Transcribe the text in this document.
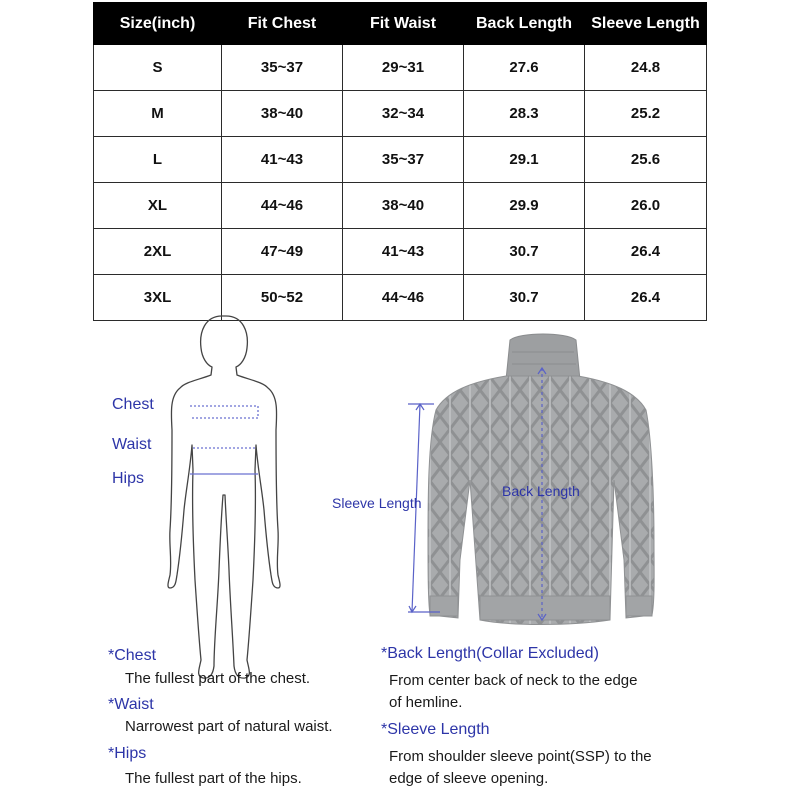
Size(inch)	Fit Chest	Fit Waist	Back Length	Sleeve Length
S	35~37	29~31	27.6	24.8
M	38~40	32~34	28.3	25.2
L	41~43	35~37	29.1	25.6
XL	44~46	38~40	29.9	26.0
2XL	47~49	41~43	30.7	26.4
3XL	50~52	44~46	30.7	26.4
Chest
Waist
Hips
Sleeve Length
Back Length
*Chest
The fullest part of the chest.
*Waist
Narrowest part of natural waist.
*Hips
The fullest part of the hips.
*Back Length(Collar Excluded)
From center back of neck to the edge
of hemline.
*Sleeve Length
From shoulder sleeve point(SSP) to the
edge of sleeve opening.
